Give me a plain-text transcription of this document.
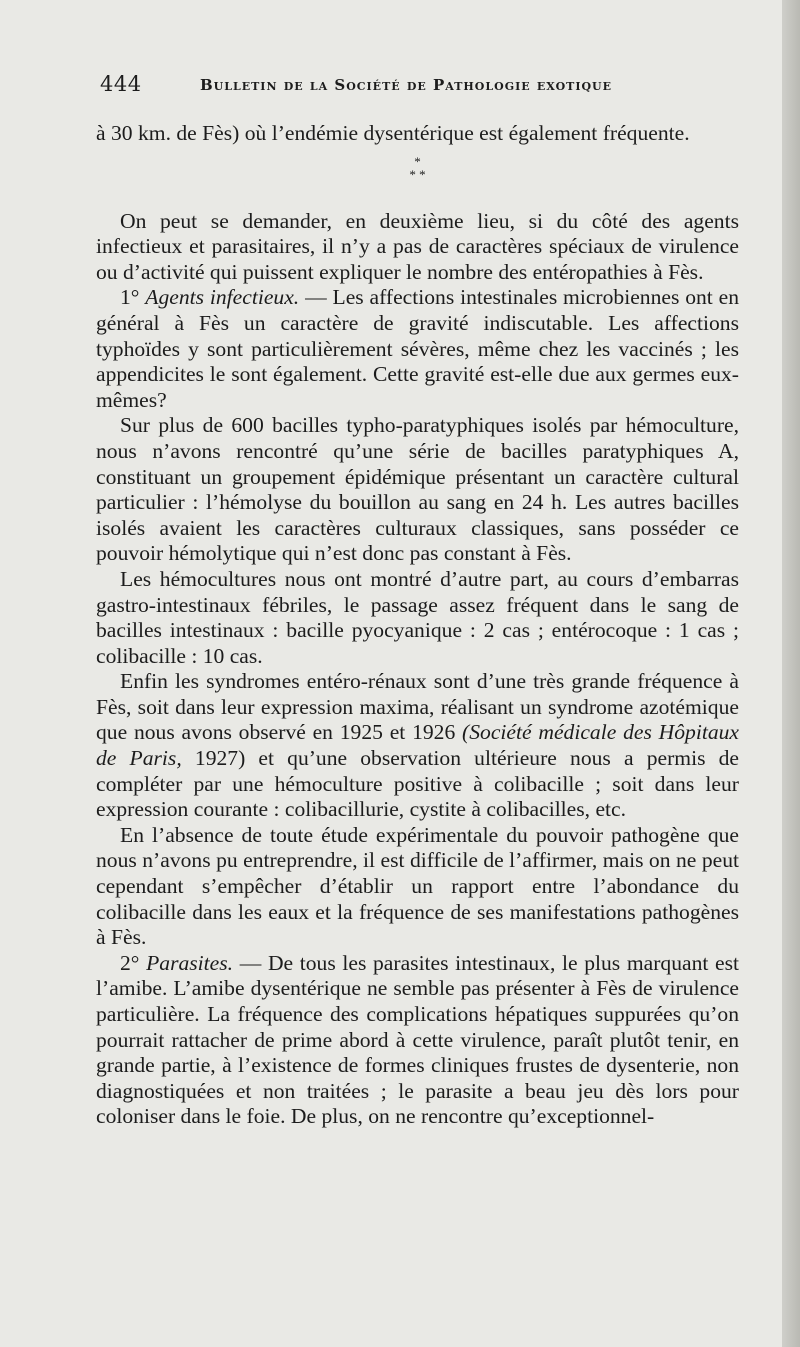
444	Bulletin de la Société de Pathologie exotique

à 30 km. de Fès) où l’endémie dysentérique est également fréquente.

*
* *

On peut se demander, en deuxième lieu, si du côté des agents infectieux et parasitaires, il n’y a pas de caractères spéciaux de virulence ou d’activité qui puissent expliquer le nombre des entéropathies à Fès.

1° Agents infectieux. — Les affections intestinales microbiennes ont en général à Fès un caractère de gravité indiscutable. Les affections typhoïdes y sont particulièrement sévères, même chez les vaccinés ; les appendicites le sont également. Cette gravité est-elle due aux germes eux-mêmes?

Sur plus de 600 bacilles typho-paratyphiques isolés par hémoculture, nous n’avons rencontré qu’une série de bacilles paratyphiques A, constituant un groupement épidémique présentant un caractère cultural particulier : l’hémolyse du bouillon au sang en 24 h. Les autres bacilles isolés avaient les caractères culturaux classiques, sans posséder ce pouvoir hémolytique qui n’est donc pas constant à Fès.

Les hémocultures nous ont montré d’autre part, au cours d’embarras gastro-intestinaux fébriles, le passage assez fréquent dans le sang de bacilles intestinaux : bacille pyocyanique : 2 cas ; entérocoque : 1 cas ; colibacille : 10 cas.

Enfin les syndromes entéro-rénaux sont d’une très grande fréquence à Fès, soit dans leur expression maxima, réalisant un syndrome azotémique que nous avons observé en 1925 et 1926 (Société médicale des Hôpitaux de Paris, 1927) et qu’une observation ultérieure nous a permis de compléter par une hémoculture positive à colibacille ; soit dans leur expression courante : colibacillurie, cystite à colibacilles, etc.

En l’absence de toute étude expérimentale du pouvoir pathogène que nous n’avons pu entreprendre, il est difficile de l’affirmer, mais on ne peut cependant s’empêcher d’établir un rapport entre l’abondance du colibacille dans les eaux et la fréquence de ses manifestations pathogènes à Fès.

2° Parasites. — De tous les parasites intestinaux, le plus marquant est l’amibe. L’amibe dysentérique ne semble pas présenter à Fès de virulence particulière. La fréquence des complications hépatiques suppurées qu’on pourrait rattacher de prime abord à cette virulence, paraît plutôt tenir, en grande partie, à l’existence de formes cliniques frustes de dysenterie, non diagnostiquées et non traitées ; le parasite a beau jeu dès lors pour coloniser dans le foie. De plus, on ne rencontre qu’exceptionnel-
